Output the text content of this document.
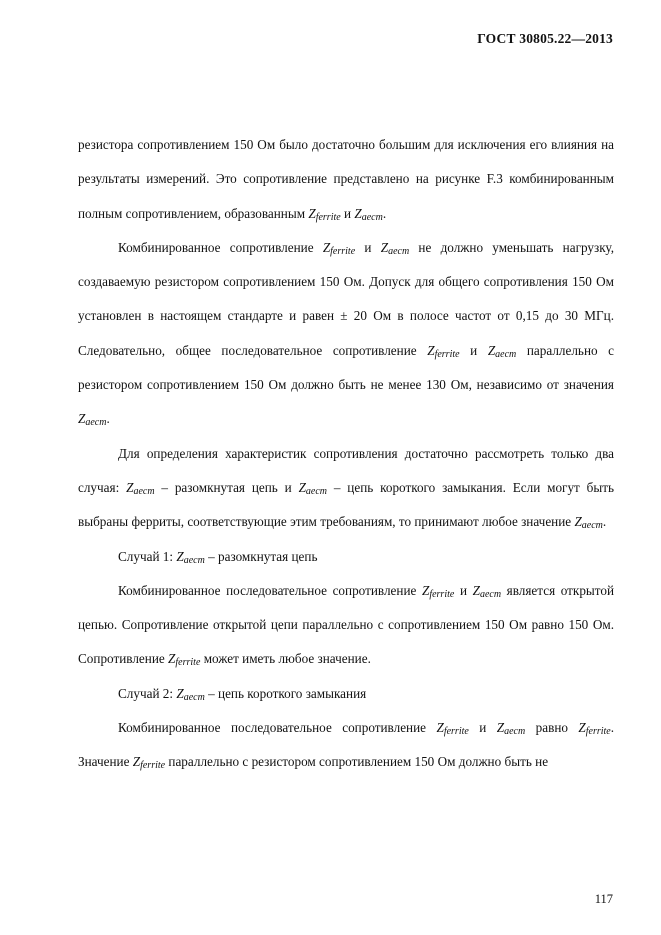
ГОСТ 30805.22—2013

резистора сопротивлением 150 Ом было достаточно большим для исключения его влияния на результаты измерений. Это сопротивление представлено на рисунке F.3 комбинированным полным сопротивлением, образованным $Z_{ferrite}$ и $Z_{aecm}$.

Комбинированное сопротивление $Z_{ferrite}$ и $Z_{aecm}$ не должно уменьшать нагрузку, создаваемую резистором сопротивлением 150 Ом. Допуск для общего сопротивления 150 Ом установлен в настоящем стандарте и равен ± 20 Ом в полосе частот от 0,15 до 30 МГц. Следовательно, общее последовательное сопротивление $Z_{ferrite}$ и $Z_{aecm}$ параллельно с резистором сопротивлением 150 Ом должно быть не менее 130 Ом, независимо от значения $Z_{aecm}$.

Для определения характеристик сопротивления достаточно рассмотреть только два случая: $Z_{aecm}$ – разомкнутая цепь и $Z_{aecm}$ – цепь короткого замыкания. Если могут быть выбраны ферриты, соответствующие этим требованиям, то принимают любое значение $Z_{aecm}$.

Случай 1: $Z_{aecm}$ – разомкнутая цепь

Комбинированное последовательное сопротивление $Z_{ferrite}$ и $Z_{aecm}$ является открытой цепью. Сопротивление открытой цепи параллельно с сопротивлением 150 Ом равно 150 Ом. Сопротивление $Z_{ferrite}$ может иметь любое значение.

Случай 2: $Z_{aecm}$ – цепь короткого замыкания

Комбинированное последовательное сопротивление $Z_{ferrite}$ и $Z_{aecm}$ равно $Z_{ferrite}$. Значение $Z_{ferrite}$ параллельно с резистором сопротивлением 150 Ом должно быть не

117
